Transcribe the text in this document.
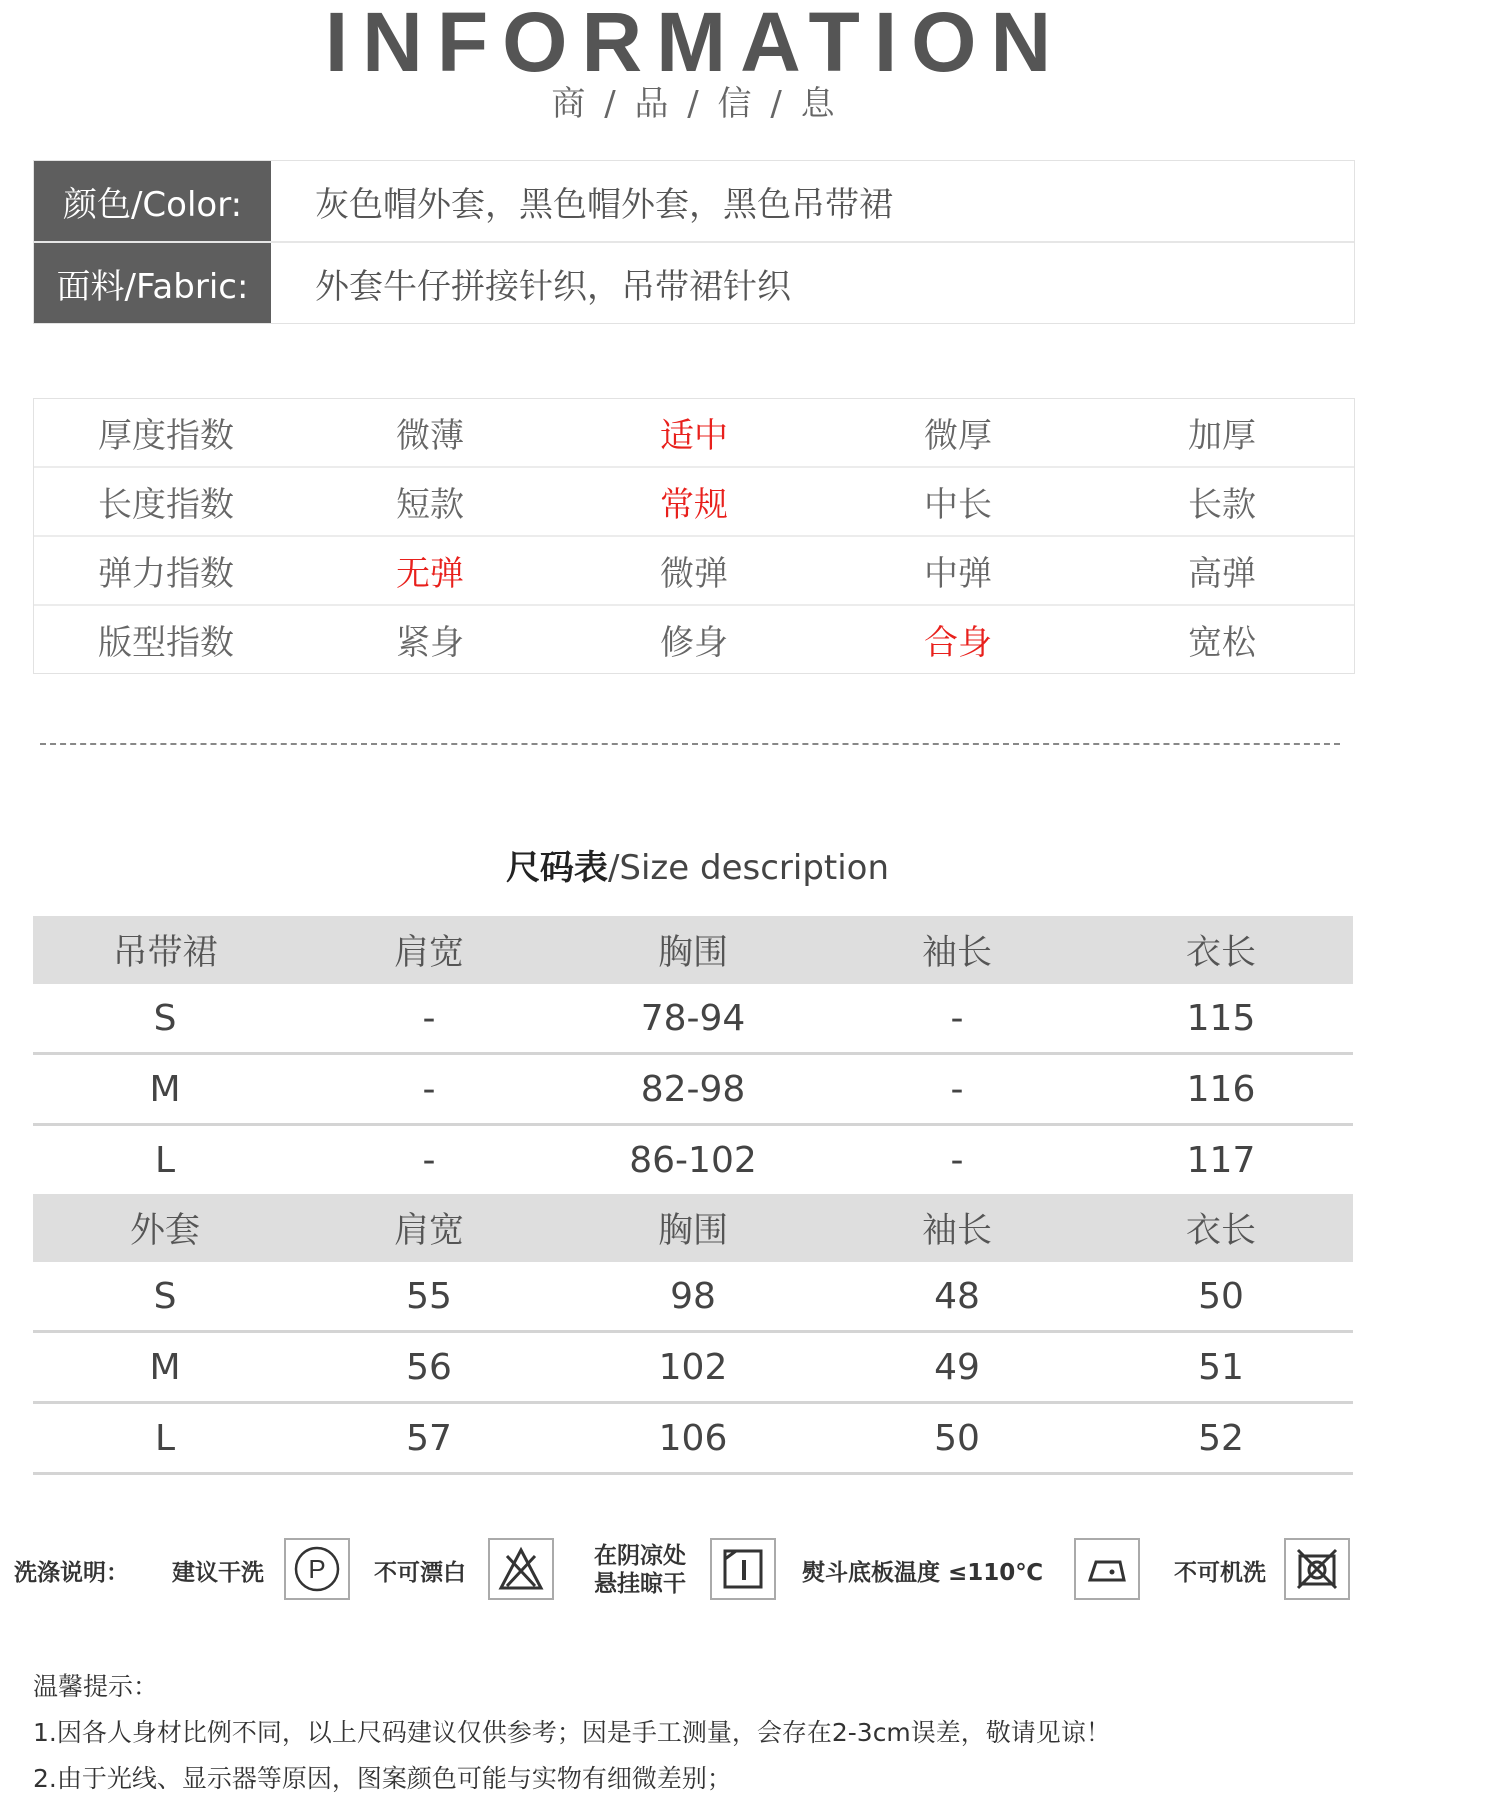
INFORMATION
商 / 品 / 信 / 息
颜色/Color:	灰色帽外套，黑色帽外套，黑色吊带裙
面料/Fabric:	外套牛仔拼接针织，吊带裙针织
厚度指数	微薄	适中	微厚	加厚
长度指数	短款	常规	中长	长款
弹力指数	无弹	微弹	中弹	高弹
版型指数	紧身	修身	合身	宽松
尺码表/Size description
吊带裙	肩宽	胸围	袖长	衣长
S	-	78-94	-	115
M	-	82-98	-	116
L	-	86-102	-	117
外套	肩宽	胸围	袖长	衣长
S	55	98	48	50
M	56	102	49	51
L	57	106	50	52
洗涤说明： 建议干洗 P 不可漂白
在阴凉处
悬挂晾干	熨斗底板温度 ≤110℃	不可机洗
温馨提示：
1.因各人身材比例不同，以上尺码建议仅供参考；因是手工测量，会存在2-3cm误差，敬请见谅！
2.由于光线、显示器等原因，图案颜色可能与实物有细微差别；
